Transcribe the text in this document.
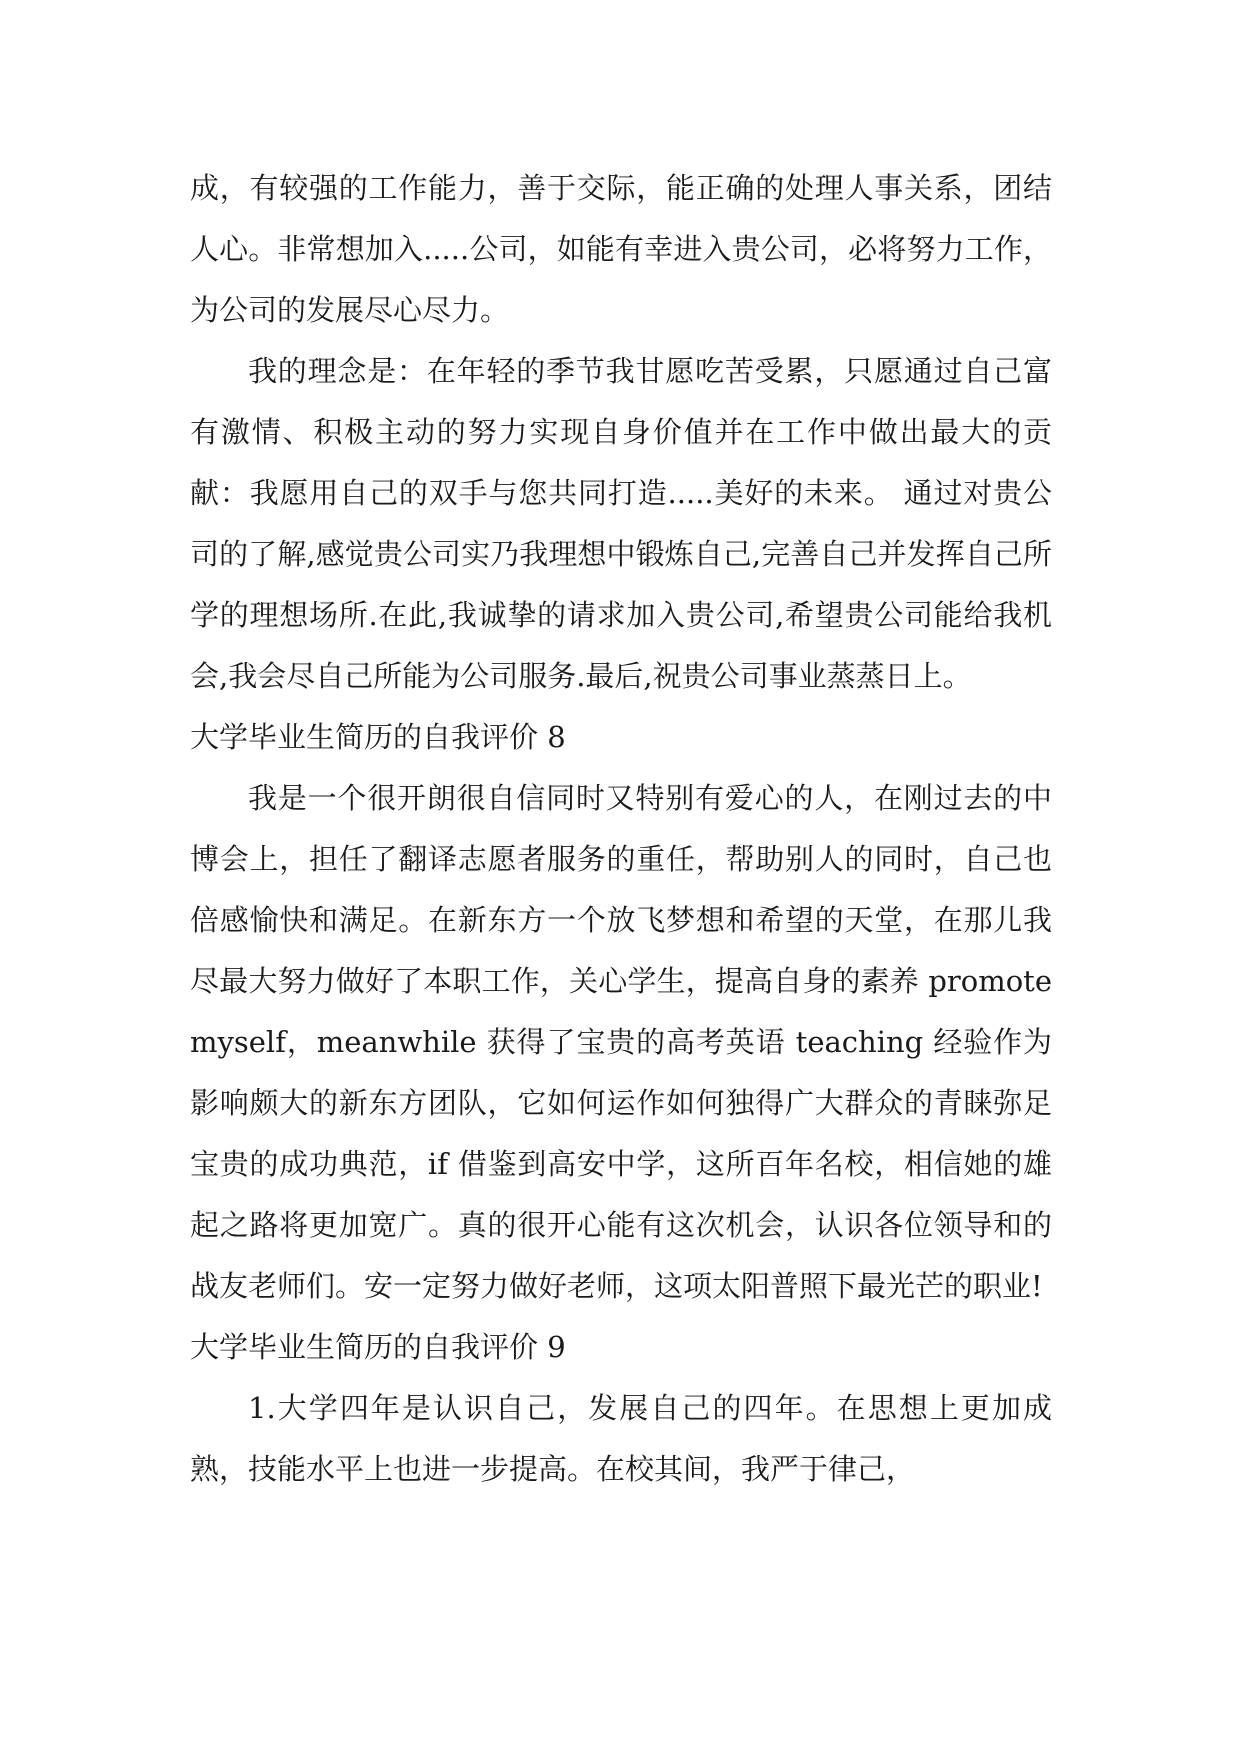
成，有较强的工作能力，善于交际，能正确的处理人事关系，团结人心。非常想加入.....公司，如能有幸进入贵公司，必将努力工作，为公司的发展尽心尽力。

我的理念是：在年轻的季节我甘愿吃苦受累，只愿通过自己富有激情、积极主动的努力实现自身价值并在工作中做出最大的贡献：我愿用自己的双手与您共同打造.....美好的未来。 通过对贵公司的了解,感觉贵公司实乃我理想中锻炼自己,完善自己并发挥自己所学的理想场所.在此,我诚挚的请求加入贵公司,希望贵公司能给我机会,我会尽自己所能为公司服务.最后,祝贵公司事业蒸蒸日上。

大学毕业生简历的自我评价 8

我是一个很开朗很自信同时又特别有爱心的人，在刚过去的中博会上，担任了翻译志愿者服务的重任，帮助别人的同时，自己也倍感愉快和满足。在新东方一个放飞梦想和希望的天堂，在那儿我尽最大努力做好了本职工作，关心学生，提高自身的素养 promote myself，meanwhile 获得了宝贵的高考英语 teaching 经验作为影响颇大的新东方团队，它如何运作如何独得广大群众的青睐弥足宝贵的成功典范，if 借鉴到高安中学，这所百年名校，相信她的雄起之路将更加宽广。真的很开心能有这次机会，认识各位领导和的战友老师们。安一定努力做好老师，这项太阳普照下最光芒的职业!

大学毕业生简历的自我评价 9

1.大学四年是认识自己，发展自己的四年。在思想上更加成熟，技能水平上也进一步提高。在校其间，我严于律己，
